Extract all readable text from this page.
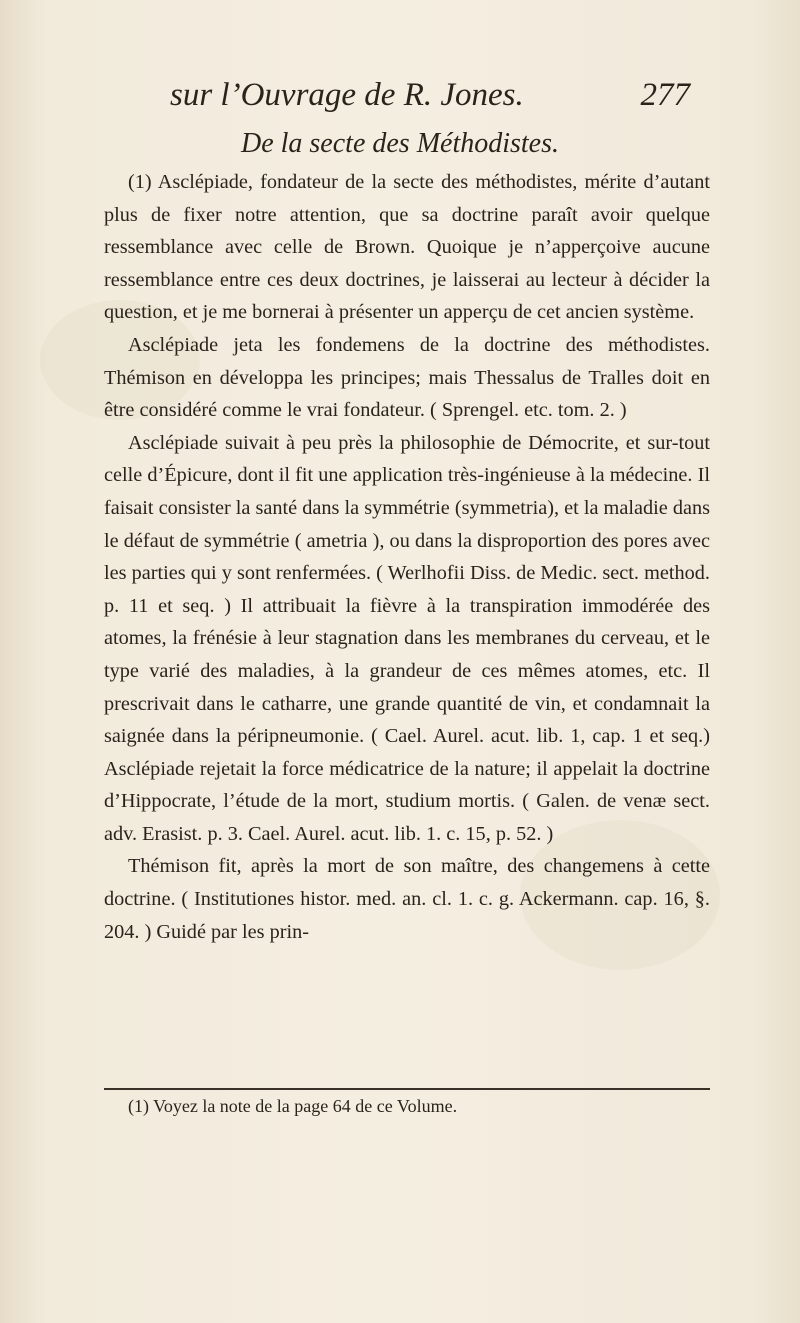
sur l’Ouvrage de R. Jones.	277
De la secte des Méthodistes.

(1) Asclépiade, fondateur de la secte des méthodistes, mérite d’autant plus de fixer notre attention, que sa doctrine paraît avoir quelque ressemblance avec celle de Brown. Quoique je n’apperçoive aucune ressemblance entre ces deux doctrines, je laisserai au lecteur à décider la question, et je me bornerai à présenter un apperçu de cet ancien système.

Asclépiade jeta les fondemens de la doctrine des méthodistes. Thémison en développa les principes; mais Thessalus de Tralles doit en être considéré comme le vrai fondateur. ( Sprengel. etc. tom. 2. )

Asclépiade suivait à peu près la philosophie de Démocrite, et sur-tout celle d’Épicure, dont il fit une application très-ingénieuse à la médecine. Il faisait consister la santé dans la symmétrie (symmetria), et la maladie dans le défaut de symmétrie ( ametria ), ou dans la disproportion des pores avec les parties qui y sont renfermées. ( Werlhofii Diss. de Medic. sect. method. p. 11 et seq. ) Il attribuait la fièvre à la transpiration immodérée des atomes, la frénésie à leur stagnation dans les membranes du cerveau, et le type varié des maladies, à la grandeur de ces mêmes atomes, etc. Il prescrivait dans le catharre, une grande quantité de vin, et condamnait la saignée dans la péripneumonie. ( Cael. Aurel. acut. lib. 1, cap. 1 et seq.) Asclépiade rejetait la force médicatrice de la nature; il appelait la doctrine d’Hippocrate, l’étude de la mort, studium mortis. ( Galen. de venæ sect. adv. Erasist. p. 3. Cael. Aurel. acut. lib. 1. c. 15, p. 52. )

Thémison fit, après la mort de son maître, des changemens à cette doctrine. ( Institutiones histor. med. an. cl. 1. c. g. Ackermann. cap. 16, §. 204. ) Guidé par les prin-

(1) Voyez la note de la page 64 de ce Volume.
